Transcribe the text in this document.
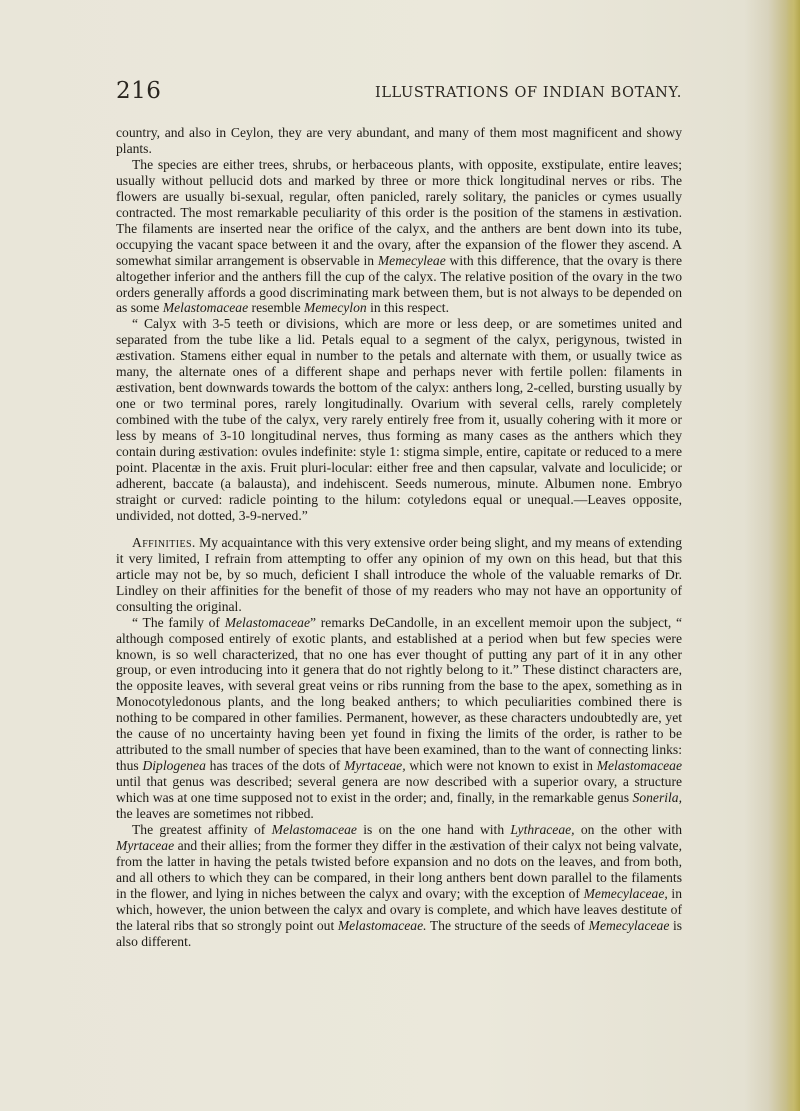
216	ILLUSTRATIONS OF INDIAN BOTANY.

country, and also in Ceylon, they are very abundant, and many of them most magnificent and showy plants.

The species are either trees, shrubs, or herbaceous plants, with opposite, exstipulate, entire leaves; usually without pellucid dots and marked by three or more thick longitudinal nerves or ribs. The flowers are usually bi-sexual, regular, often panicled, rarely solitary, the panicles or cymes usually contracted. The most remarkable peculiarity of this order is the position of the stamens in æstivation. The filaments are inserted near the orifice of the calyx, and the anthers are bent down into its tube, occupying the vacant space between it and the ovary, after the expansion of the flower they ascend. A somewhat similar arrangement is observable in Memecyleae with this difference, that the ovary is there altogether inferior and the anthers fill the cup of the calyx. The relative position of the ovary in the two orders generally affords a good discriminating mark between them, but is not always to be depended on as some Melastomaceae resemble Memecylon in this respect.

“ Calyx with 3-5 teeth or divisions, which are more or less deep, or are sometimes united and separated from the tube like a lid. Petals equal to a segment of the calyx, perigynous, twisted in æstivation. Stamens either equal in number to the petals and alternate with them, or usually twice as many, the alternate ones of a different shape and perhaps never with fertile pollen: filaments in æstivation, bent downwards towards the bottom of the calyx: anthers long, 2-celled, bursting usually by one or two terminal pores, rarely longitudinally. Ovarium with several cells, rarely completely combined with the tube of the calyx, very rarely entirely free from it, usually cohering with it more or less by means of 3-10 longitudinal nerves, thus forming as many cases as the anthers which they contain during æstivation: ovules indefinite: style 1: stigma simple, entire, capitate or reduced to a mere point. Placentæ in the axis. Fruit pluri-locular: either free and then capsular, valvate and loculicide; or adherent, baccate (a balausta), and indehiscent. Seeds numerous, minute. Albumen none. Embryo straight or curved: radicle pointing to the hilum: cotyledons equal or unequal.—Leaves opposite, undivided, not dotted, 3-9-nerved.”

Affinities. My acquaintance with this very extensive order being slight, and my means of extending it very limited, I refrain from attempting to offer any opinion of my own on this head, but that this article may not be, by so much, deficient I shall introduce the whole of the valuable remarks of Dr. Lindley on their affinities for the benefit of those of my readers who may not have an opportunity of consulting the original.

“ The family of Melastomaceae” remarks DeCandolle, in an excellent memoir upon the subject, “ although composed entirely of exotic plants, and established at a period when but few species were known, is so well characterized, that no one has ever thought of putting any part of it in any other group, or even introducing into it genera that do not rightly belong to it.” These distinct characters are, the opposite leaves, with several great veins or ribs running from the base to the apex, something as in Monocotyledonous plants, and the long beaked anthers; to which peculiarities combined there is nothing to be compared in other families. Permanent, however, as these characters undoubtedly are, yet the cause of no uncertainty having been yet found in fixing the limits of the order, is rather to be attributed to the small number of species that have been examined, than to the want of connecting links: thus Diplogenea has traces of the dots of Myrtaceae, which were not known to exist in Melastomaceae until that genus was described; several genera are now described with a superior ovary, a structure which was at one time supposed not to exist in the order; and, finally, in the remarkable genus Sonerila, the leaves are sometimes not ribbed.

The greatest affinity of Melastomaceae is on the one hand with Lythraceae, on the other with Myrtaceae and their allies; from the former they differ in the æstivation of their calyx not being valvate, from the latter in having the petals twisted before expansion and no dots on the leaves, and from both, and all others to which they can be compared, in their long anthers bent down parallel to the filaments in the flower, and lying in niches between the calyx and ovary; with the exception of Memecylaceae, in which, however, the union between the calyx and ovary is complete, and which have leaves destitute of the lateral ribs that so strongly point out Melastomaceae. The structure of the seeds of Memecylaceae is also different.
